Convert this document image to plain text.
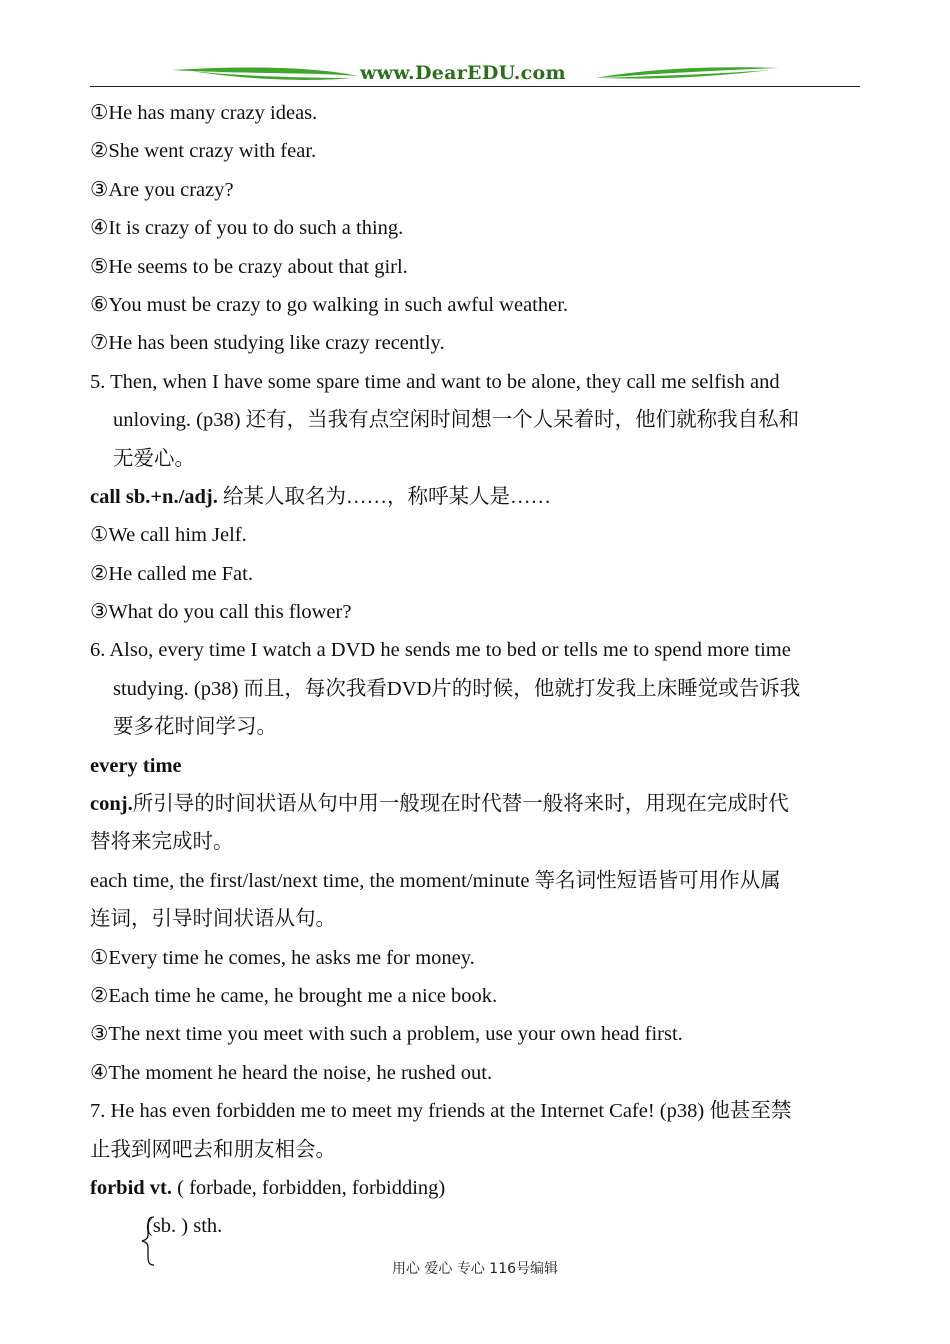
www.DearEDU.com
①He has many crazy ideas.
②She went crazy with fear.
③Are you crazy?
④It is crazy of you to do such a thing.
⑤He seems to be crazy about that girl.
⑥You must be crazy to go walking in such awful weather.
⑦He has been studying like crazy recently.
5. Then, when I have some spare time and want to be alone, they call me selfish and
unloving. (p38) 还有，当我有点空闲时间想一个人呆着时，他们就称我自私和
无爱心。
call sb.+n./adj. 给某人取名为……，称呼某人是……
①We call him Jelf.
②He called me Fat.
③What do you call this flower?
6. Also, every time I watch a DVD he sends me to bed or tells me to spend more time
studying. (p38) 而且，每次我看DVD片的时候，他就打发我上床睡觉或告诉我
要多花时间学习。
every time
conj.所引导的时间状语从句中用一般现在时代替一般将来时，用现在完成时代
替将来完成时。
each time, the first/last/next time, the moment/minute 等名词性短语皆可用作从属
连词，引导时间状语从句。
①Every time he comes, he asks me for money.
②Each time he came, he brought me a nice book.
③The next time you meet with such a problem, use your own head first.
④The moment he heard the noise, he rushed out.
7. He has even forbidden me to meet my friends at the Internet Cafe! (p38) 他甚至禁
止我到网吧去和朋友相会。
forbid vt. ( forbade, forbidden, forbidding)
(sb. ) sth.
用心 爱心 专心 116号编辑
